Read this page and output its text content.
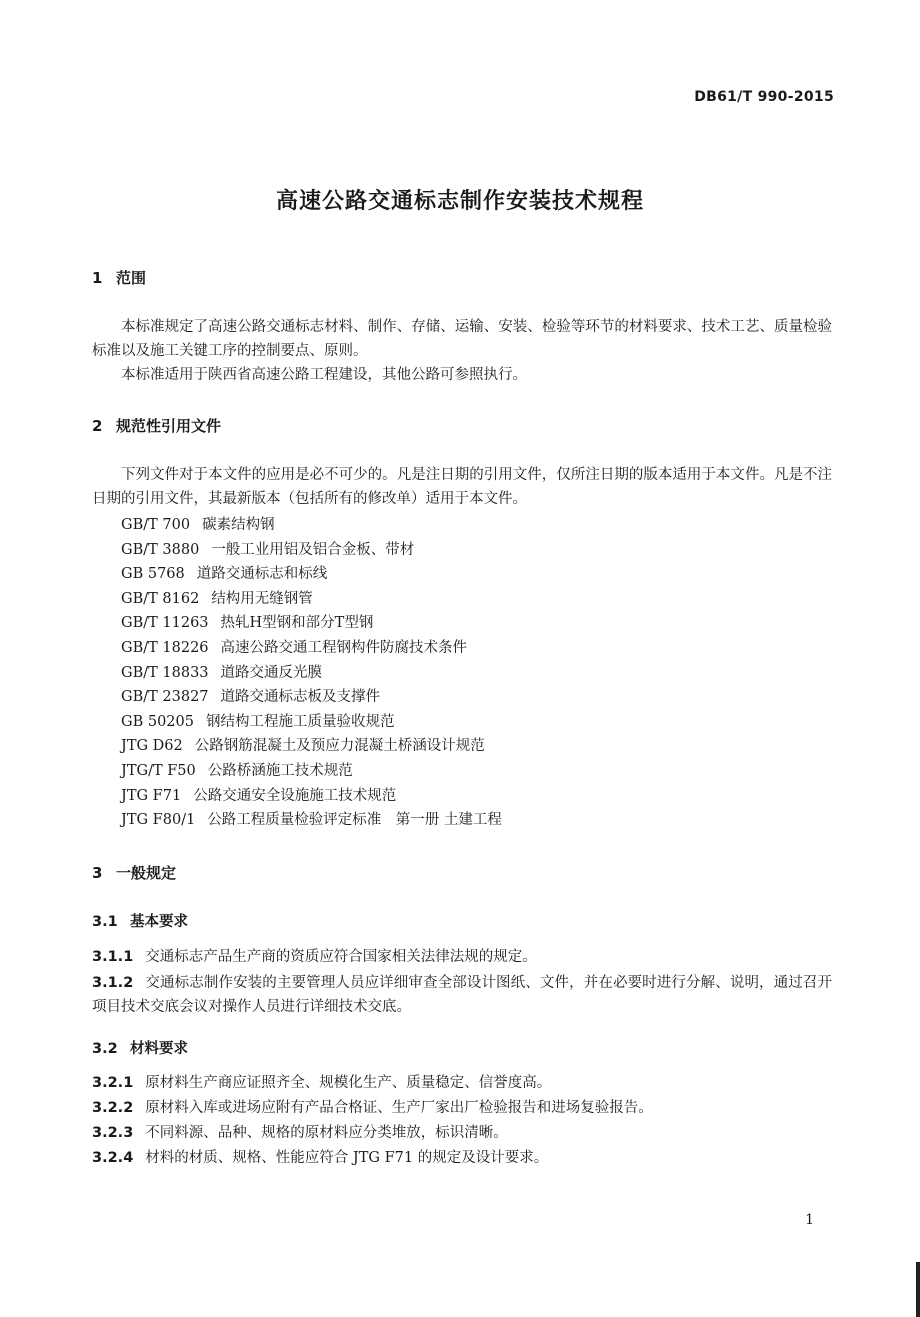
DB61/T 990-2015
高速公路交通标志制作安装技术规程
1 范围

本标准规定了高速公路交通标志材料、制作、存储、运输、安装、检验等环节的材料要求、技术工艺、质量检验标准以及施工关键工序的控制要点、原则。

本标准适用于陕西省高速公路工程建设，其他公路可参照执行。

2 规范性引用文件

下列文件对于本文件的应用是必不可少的。凡是注日期的引用文件，仅所注日期的版本适用于本文件。凡是不注日期的引用文件，其最新版本（包括所有的修改单）适用于本文件。

GB/T 700 碳素结构钢
GB/T 3880 一般工业用铝及铝合金板、带材
GB 5768 道路交通标志和标线
GB/T 8162 结构用无缝钢管
GB/T 11263 热轧H型钢和部分T型钢
GB/T 18226 高速公路交通工程钢构件防腐技术条件
GB/T 18833 道路交通反光膜
GB/T 23827 道路交通标志板及支撑件
GB 50205 钢结构工程施工质量验收规范
JTG D62 公路钢筋混凝土及预应力混凝土桥涵设计规范
JTG/T F50 公路桥涵施工技术规范
JTG F71 公路交通安全设施施工技术规范
JTG F80/1 公路工程质量检验评定标准　第一册 土建工程
3 一般规定
3.1 基本要求

3.1.1 交通标志产品生产商的资质应符合国家相关法律法规的规定。

3.1.2 交通标志制作安装的主要管理人员应详细审查全部设计图纸、文件，并在必要时进行分解、说明，通过召开项目技术交底会议对操作人员进行详细技术交底。

3.2 材料要求

3.2.1 原材料生产商应证照齐全、规模化生产、质量稳定、信誉度高。

3.2.2 原材料入库或进场应附有产品合格证、生产厂家出厂检验报告和进场复验报告。

3.2.3 不同料源、品种、规格的原材料应分类堆放，标识清晰。

3.2.4 材料的材质、规格、性能应符合 JTG F71 的规定及设计要求。

1
